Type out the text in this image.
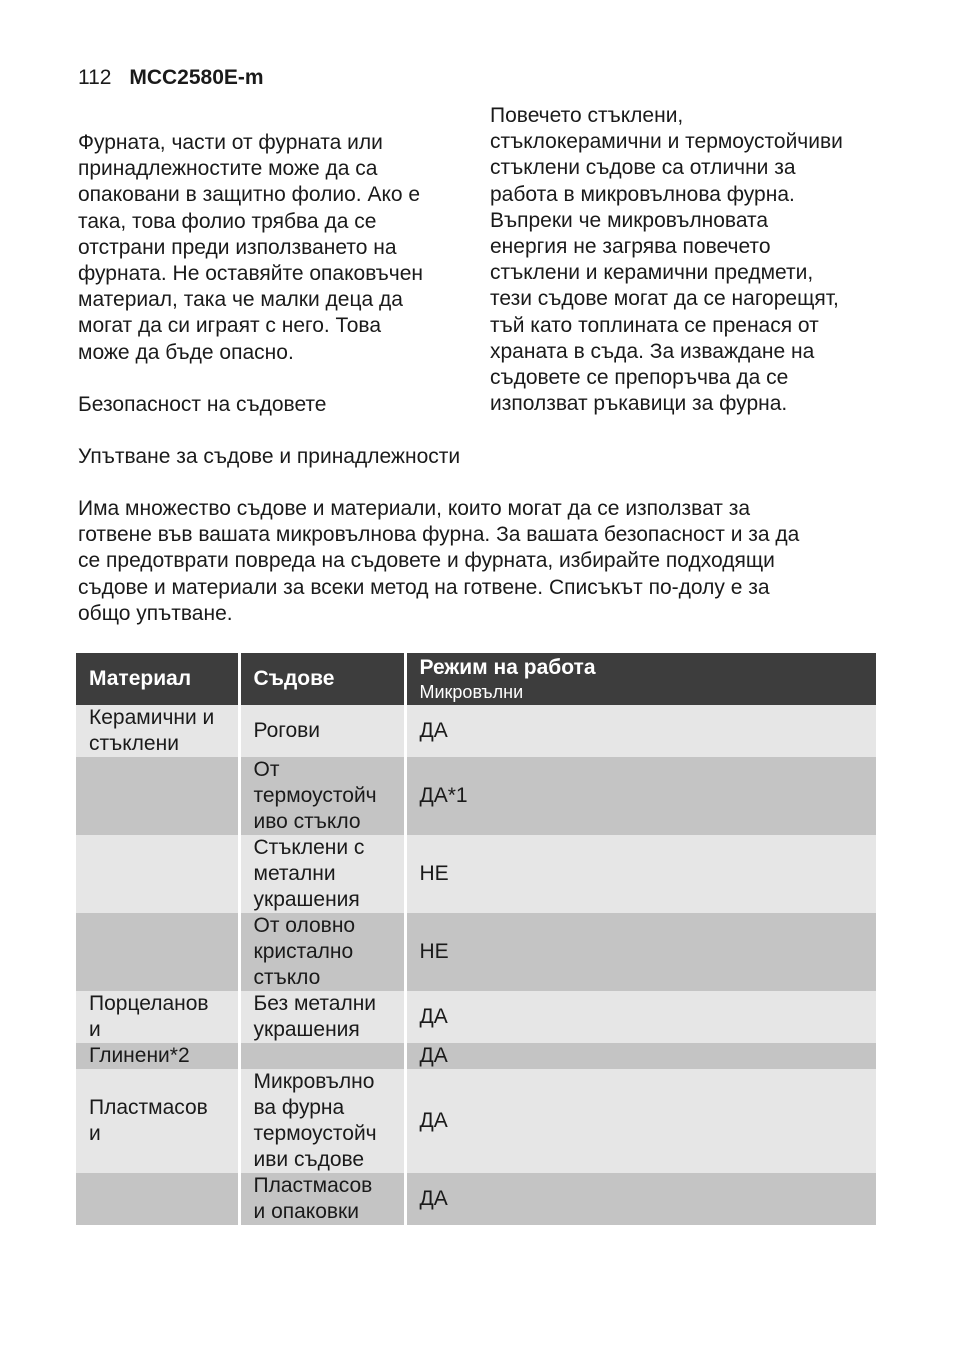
112 MCC2580E-m
Фурната, части от фурната или
принадлежностите може да са
опаковани в защитно фолио. Ако е
така, това фолио трябва да се
отстрани преди използването на
фурната. Не оставяйте опаковъчен
материал, така че малки деца да
могат да си играят с него. Това
може да бъде опасно.
Повечето стъклени,
стъклокерамични и термоустойчиви
стъклени съдове са отлични за
работа в микровълнова фурна.
Въпреки че микровълновата
енергия не загрява повечето
стъклени и керамични предмети,
тези съдове могат да се нагорещят,
тъй като топлината се пренася от
храната в съда. За изваждане на
съдовете се препоръчва да се
използват ръкавици за фурна.
Безопасност на съдовете
Упътване за съдове и принадлежности
Има множество съдове и материали, които могат да се използват за
готвене във вашата микровълнова фурна. За вашата безопасност и за да
се предотврати повреда на съдовете и фурната, избирайте подходящи
съдове и материали за всеки метод на готвене. Списъкът по-долу е за
общо упътване.
Материал	Съдове	Режим на работа
Микровълни

Керамични и
стъклени	Рогови	ДА

	От
термоустойч
иво стъкло	ДА*1

	Стъклени с
метални
украшения	НЕ

	От оловно
кристално
стъкло	НЕ

Порцеланов
и	Без метални
украшения	ДА

Глинени*2		ДА

Пластмасов
и	Микровълно
ва фурна
термоустойч
иви съдове	ДА

	Пластмасов
и опаковки	ДА
